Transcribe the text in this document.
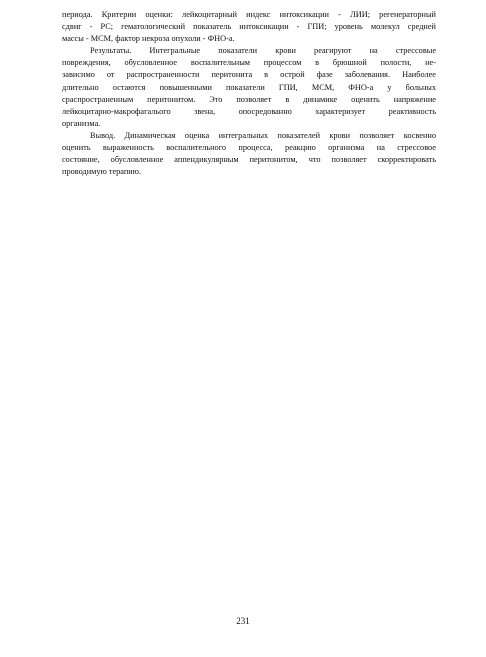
периода. Критерии оценки: лейкоцитарный индекс интоксикации - ЛИИ; регенераторный
сдвиг - РС; гематологический показатель интоксикации - ГПИ; уровень молекул средней
массы - МСМ, фактор некроза опухоли - ФНО-а.
Результаты. Интегральные показатели крови реагируют на стрессовые
повреждения, обусловленное воспалительным процессом в брюшной полости, не-
зависимо от распространенности перитонита в острой фазе заболевания. Наиболее
длительно остаются повышенными показатели ГПИ, МСМ, ФНО-а у больных
сраспространенным перитонитом. Это позволяет в динамике оценить напряжение
лейкоцитарно-макрофагалього звена, опосредованно характеризует реактивность
организма.
Вывод. Динамическая оценка интегральных показателей крови позволяет косвенно
оценить выраженность воспалительного процесса, реакцию организма на стрессовое
состояние, обусловленное аппендикулярным перитонитом, что позволяет скорректировать
проводимую терапию.
231
